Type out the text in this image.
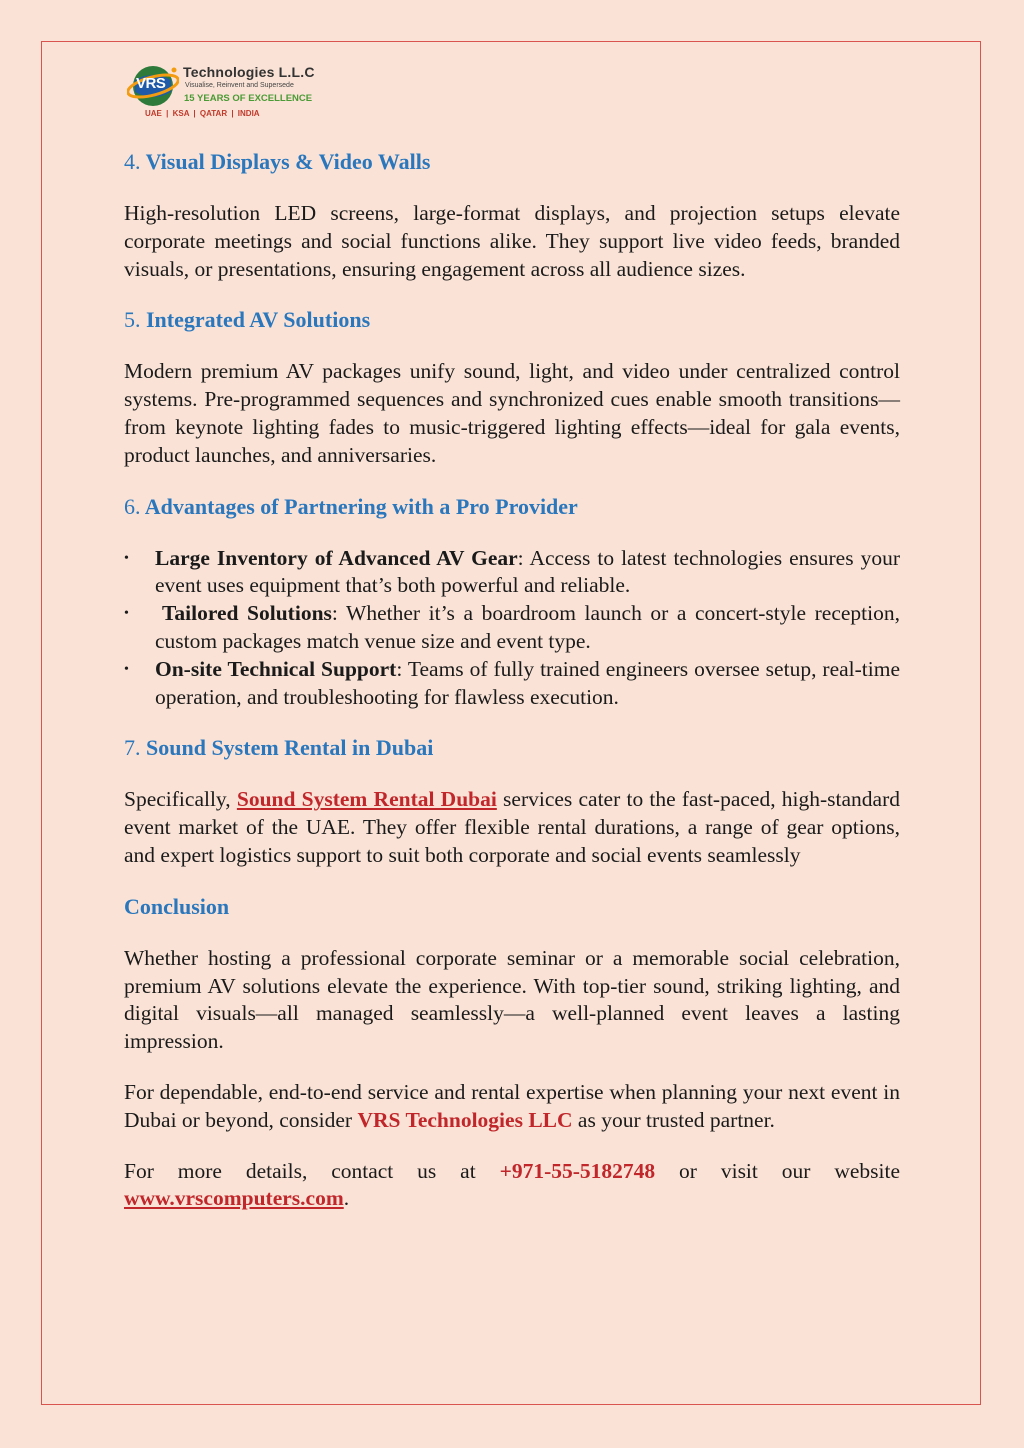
VRS
Technologies L.L.C
Visualise, Reinvent and Supersede
15 YEARS OF EXCELLENCE
UAE | KSA | QATAR | INDIA
4. Visual Displays & Video Walls

High-resolution LED screens, large-format displays, and projection setups elevate corporate meetings and social functions alike. They support live video feeds, branded visuals, or presentations, ensuring engagement across all audience sizes.

5. Integrated AV Solutions

Modern premium AV packages unify sound, light, and video under centralized control systems. Pre-programmed sequences and synchronized cues enable smooth transitions—from keynote lighting fades to music-triggered lighting effects—ideal for gala events, product launches, and anniversaries.

6. Advantages of Partnering with a Pro Provider
•	Large Inventory of Advanced AV Gear: Access to latest technologies ensures your event uses equipment that’s both powerful and reliable.
•	Tailored Solutions: Whether it’s a boardroom launch or a concert-style reception, custom packages match venue size and event type.
•	On-site Technical Support: Teams of fully trained engineers oversee setup, real-time operation, and troubleshooting for flawless execution.
7. Sound System Rental in Dubai

Specifically, Sound System Rental Dubai services cater to the fast-paced, high-standard event market of the UAE. They offer flexible rental durations, a range of gear options, and expert logistics support to suit both corporate and social events seamlessly

Conclusion

Whether hosting a professional corporate seminar or a memorable social celebration, premium AV solutions elevate the experience. With top-tier sound, striking lighting, and digital visuals—all managed seamlessly—a well-planned event leaves a lasting impression.

For dependable, end-to-end service and rental expertise when planning your next event in Dubai or beyond, consider VRS Technologies LLC as your trusted partner.

For more details, contact us at +971-55-5182748 or visit our website www.vrscomputers.com.
